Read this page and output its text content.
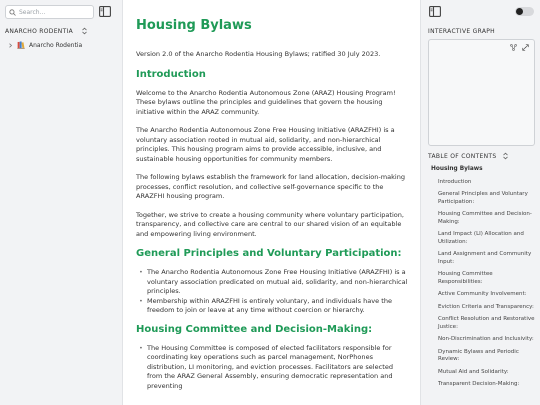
Search...
ANARCHO RODENTIA
Anarcho Rodentia
Housing Bylaws

Version 2.0 of the Anarcho Rodentia Housing Bylaws; ratified 30 July 2023.

Introduction

Welcome to the Anarcho Rodentia Autonomous Zone (ARAZ) Housing Program! These bylaws outline the principles and guidelines that govern the housing initiative within the ARAZ community.

The Anarcho Rodentia Autonomous Zone Free Housing Initiative (ARAZFHI) is a voluntary association rooted in mutual aid, solidarity, and non-hierarchical principles. This housing program aims to provide accessible, inclusive, and sustainable housing opportunities for community members.

The following bylaws establish the framework for land allocation, decision-making processes, conflict resolution, and collective self-governance specific to the ARAZFHI housing program.

Together, we strive to create a housing community where voluntary participation, transparency, and collective care are central to our shared vision of an equitable and empowering living environment.

General Principles and Voluntary Participation:
• The Anarcho Rodentia Autonomous Zone Free Housing Initiative (ARAZFHI) is a voluntary association predicated on mutual aid, solidarity, and non-hierarchical principles.
• Membership within ARAZFHI is entirely voluntary, and individuals have the freedom to join or leave at any time without coercion or hierarchy.
Housing Committee and Decision-Making:
• The Housing Committee is composed of elected facilitators responsible for coordinating key operations such as parcel management, NorPhones distribution, LI monitoring, and eviction processes. Facilitators are selected from the ARAZ General Assembly, ensuring democratic representation and preventing
INTERACTIVE GRAPH
TABLE OF CONTENTS
Housing Bylaws
Introduction
General Principles and Voluntary Participation:
Housing Committee and Decision-Making:
Land Impact (LI) Allocation and Utilization:
Land Assignment and Community Input:
Housing Committee Responsibilities:
Active Community Involvement:
Eviction Criteria and Transparency:
Conflict Resolution and Restorative Justice:
Non-Discrimination and Inclusivity:
Dynamic Bylaws and Periodic Review:
Mutual Aid and Solidarity:
Transparent Decision-Making:
